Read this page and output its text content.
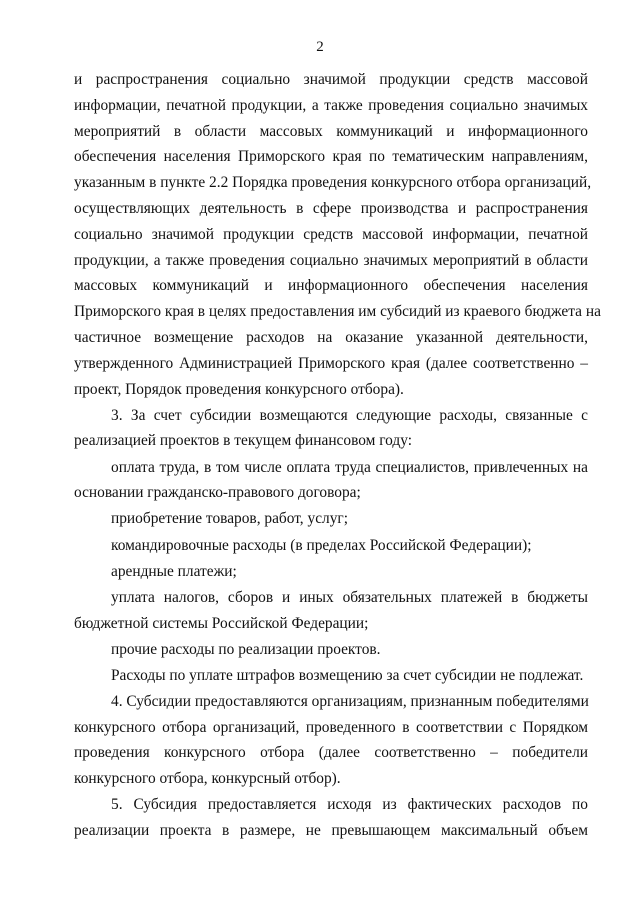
2
и распространения социально значимой продукции средств массовой
информации, печатной продукции, а также проведения социально значимых
мероприятий в области массовых коммуникаций и информационного
обеспечения населения Приморского края по тематическим направлениям,
указанным в пункте 2.2 Порядка проведения конкурсного отбора организаций,
осуществляющих деятельность в сфере производства и распространения
социально значимой продукции средств массовой информации, печатной
продукции, а также проведения социально значимых мероприятий в области
массовых коммуникаций и информационного обеспечения населения
Приморского края в целях предоставления им субсидий из краевого бюджета на
частичное возмещение расходов на оказание указанной деятельности,
утвержденного Администрацией Приморского края (далее соответственно –
проект, Порядок проведения конкурсного отбора).
3. За счет субсидии возмещаются следующие расходы, связанные с
реализацией проектов в текущем финансовом году:
оплата труда, в том числе оплата труда специалистов, привлеченных на
основании гражданско-правового договора;
приобретение товаров, работ, услуг;
командировочные расходы (в пределах Российской Федерации);
арендные платежи;
уплата налогов, сборов и иных обязательных платежей в бюджеты
бюджетной системы Российской Федерации;
прочие расходы по реализации проектов.
Расходы по уплате штрафов возмещению за счет субсидии не подлежат.
4. Субсидии предоставляются организациям, признанным победителями
конкурсного отбора организаций, проведенного в соответствии с Порядком
проведения конкурсного отбора (далее соответственно – победители
конкурсного отбора, конкурсный отбор).
5. Субсидия предоставляется исходя из фактических расходов по
реализации проекта в размере, не превышающем максимальный объем
